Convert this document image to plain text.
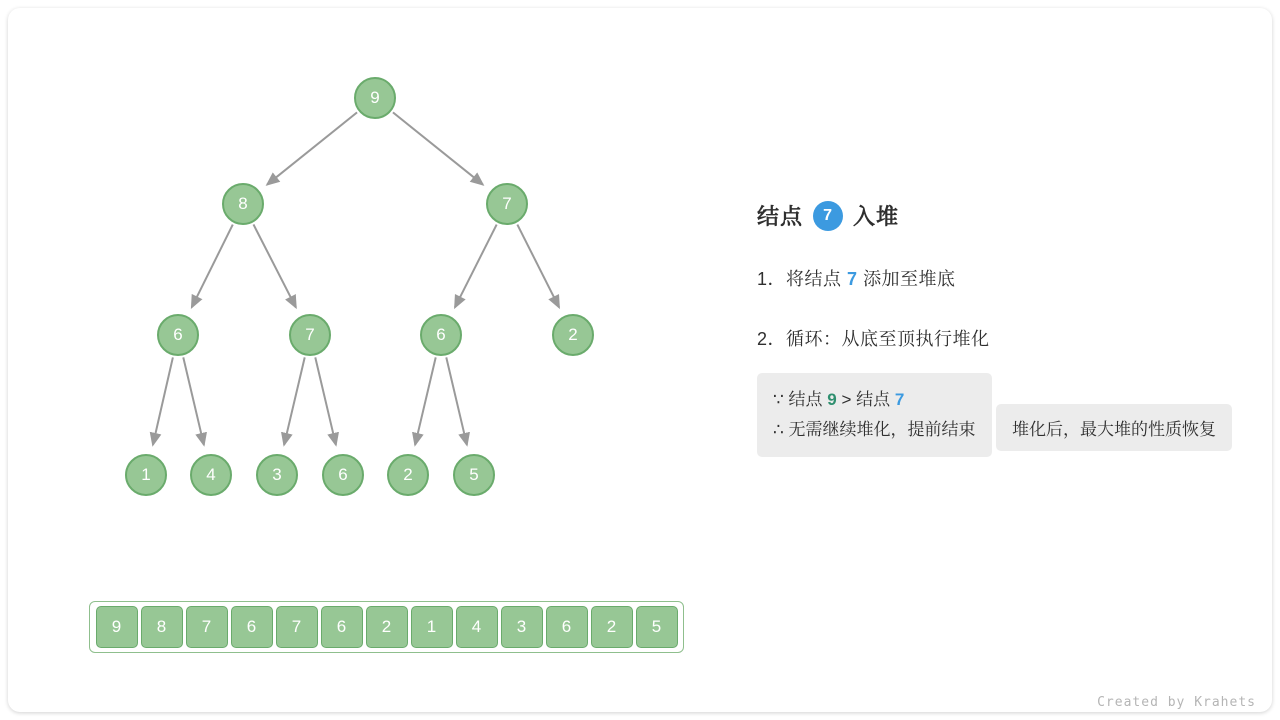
9
8	7
6	7	6	2
1	4	3	6	2	5
9	8	7	6	7	6	2	1	4	3	6	2	5
结点	7 入堆
1．将结点 7 添加至堆底
2．循环：从底至顶执行堆化
∵ 结点 9 > 结点 7
∴ 无需继续堆化，提前结束 堆化后，最大堆的性质恢复
Created by Krahets
